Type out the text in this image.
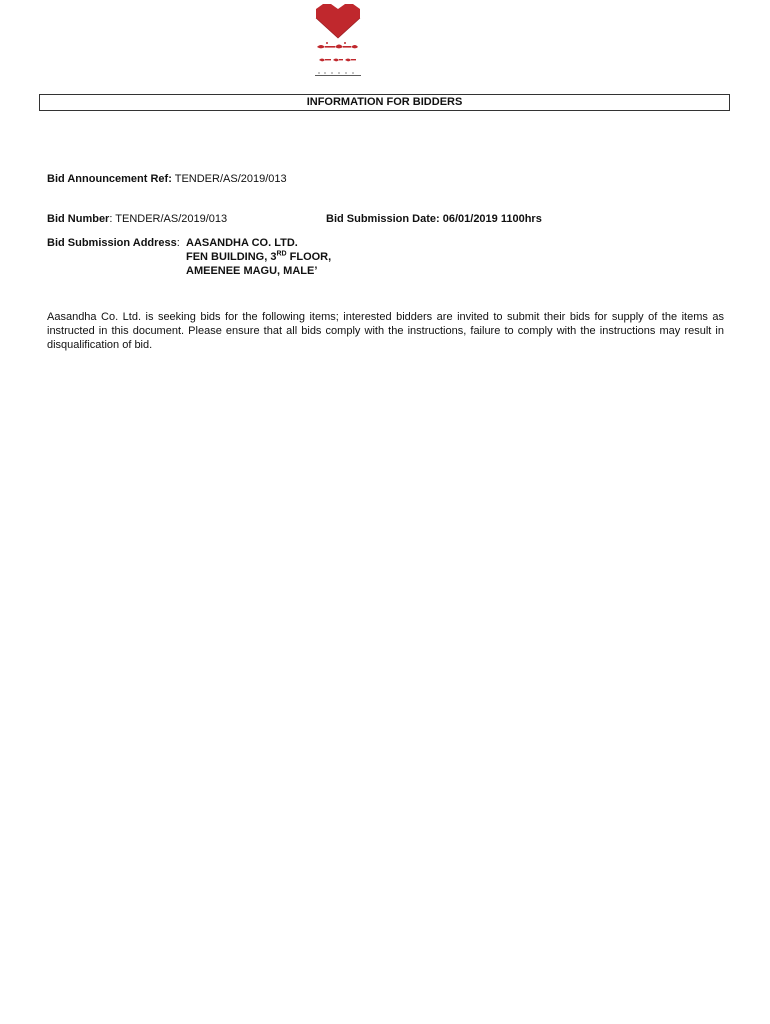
INFORMATION FOR BIDDERS
Bid Announcement Ref: TENDER/AS/2019/013
Bid Number: TENDER/AS/2019/013	Bid Submission Date: 06/01/2019 1100hrs
Bid Submission Address: AASANDHA CO. LTD.
FEN BUILDING, 3RD FLOOR,
AMEENEE MAGU, MALE’
Aasandha Co. Ltd. is seeking bids for the following items; interested bidders are invited to submit their bids for supply of the items as instructed in this document. Please ensure that all bids comply with the instructions, failure to comply with the instructions may result in disqualification of bid.
